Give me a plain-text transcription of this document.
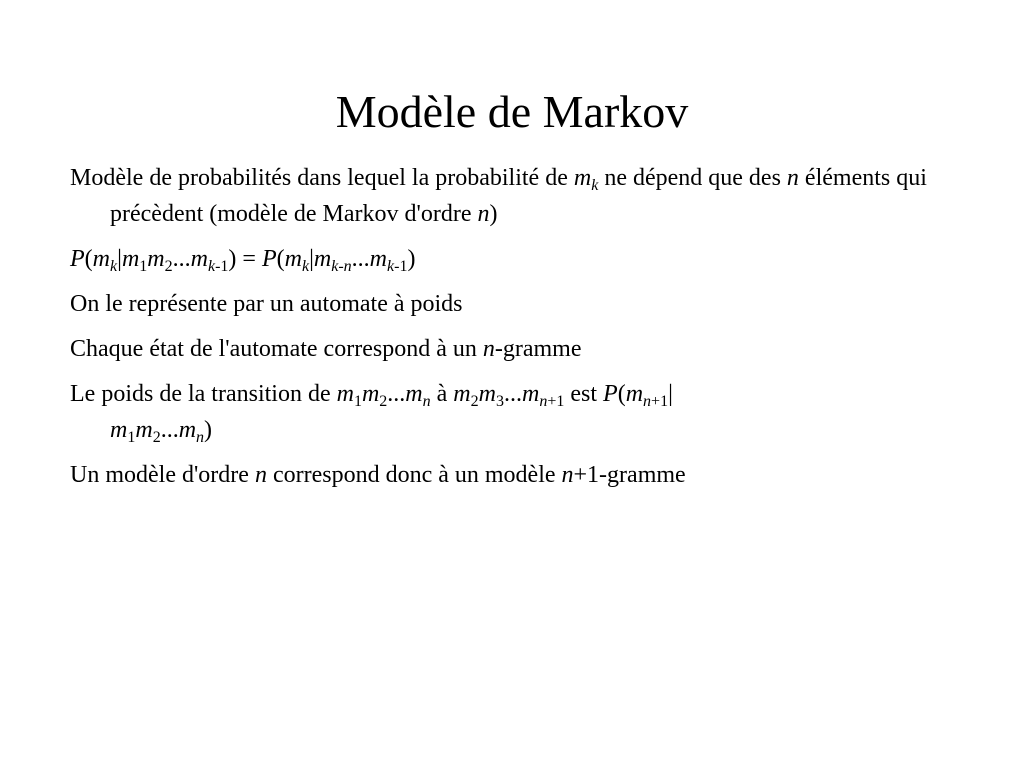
Modèle de Markov

Modèle de probabilités dans lequel la probabilité de $m_k$ ne dépend que des n éléments qui précèdent (modèle de Markov d'ordre n)

$P(m_k|m_1m_2...m_{k-1}) = P(m_k|m_{k-n}...m_{k-1})$

On le représente par un automate à poids

Chaque état de l'automate correspond à un n-gramme

Le poids de la transition de $m_1m_2...m_n$ à $m_2m_3...m_{n+1}$ est $P(m_{n+1}|$
$m_1m_2...m_n$)

Un modèle d'ordre n correspond donc à un modèle n+1-gramme
